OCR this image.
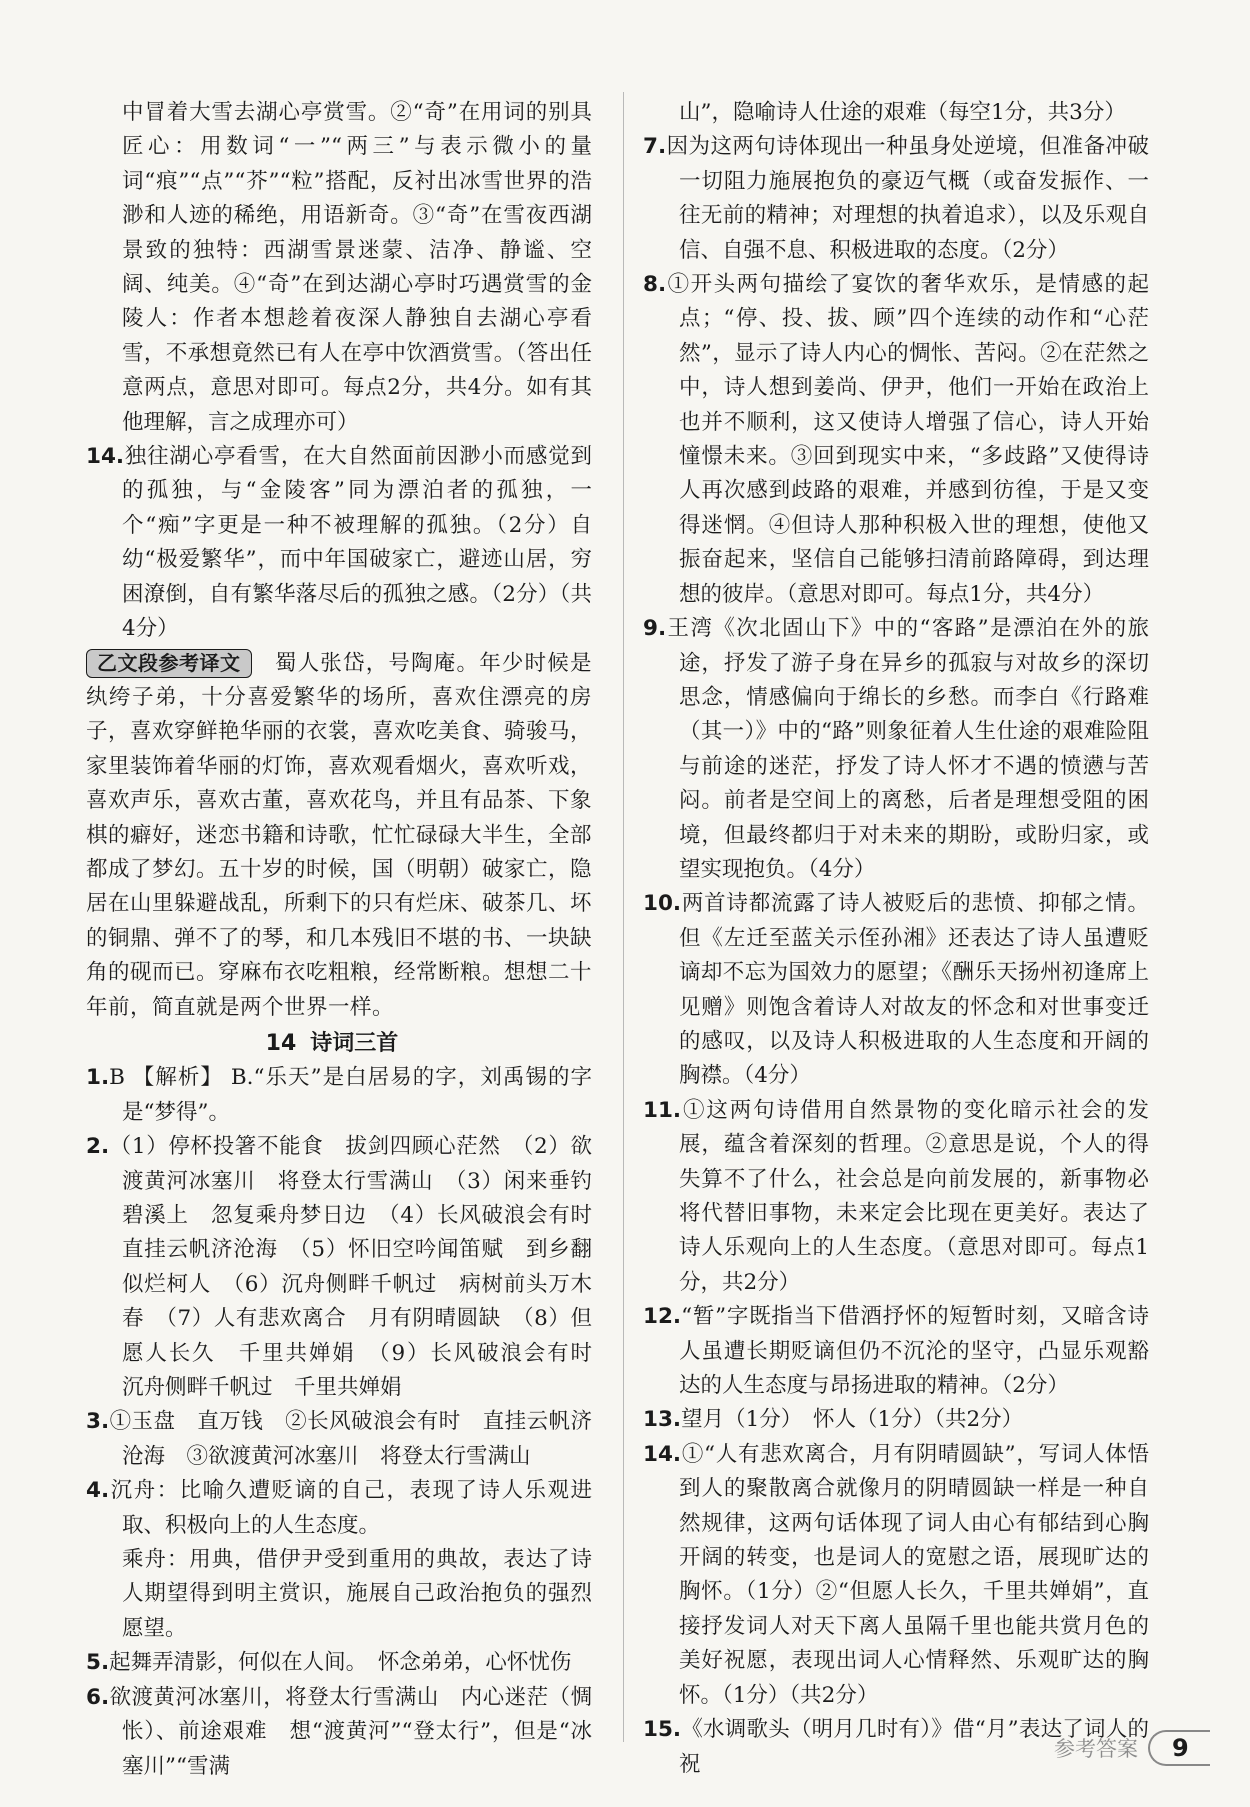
中冒着大雪去湖心亭赏雪。②“奇”在用词的别具匠心：用数词“一”“两三”与表示微小的量词“痕”“点”“芥”“粒”搭配，反衬出冰雪世界的浩渺和人迹的稀绝，用语新奇。③“奇”在雪夜西湖景致的独特：西湖雪景迷蒙、洁净、静谧、空阔、纯美。④“奇”在到达湖心亭时巧遇赏雪的金陵人：作者本想趁着夜深人静独自去湖心亭看雪，不承想竟然已有人在亭中饮酒赏雪。（答出任意两点，意思对即可。每点2分，共4分。如有其他理解，言之成理亦可）

14.独往湖心亭看雪，在大自然面前因渺小而感觉到的孤独，与“金陵客”同为漂泊者的孤独，一个“痴”字更是一种不被理解的孤独。（2分）自幼“极爱繁华”，而中年国破家亡，避迹山居，穷困潦倒，自有繁华落尽后的孤独之感。（2分）（共4分）

乙文段参考译文　 蜀人张岱，号陶庵。年少时候是纨绔子弟，十分喜爱繁华的场所，喜欢住漂亮的房子，喜欢穿鲜艳华丽的衣裳，喜欢吃美食、骑骏马，家里装饰着华丽的灯饰，喜欢观看烟火，喜欢听戏，喜欢声乐，喜欢古董，喜欢花鸟，并且有品茶、下象棋的癖好，迷恋书籍和诗歌，忙忙碌碌大半生，全部都成了梦幻。五十岁的时候，国（明朝）破家亡，隐居在山里躲避战乱，所剩下的只有烂床、破茶几、坏的铜鼎、弹不了的琴，和几本残旧不堪的书、一块缺角的砚而已。穿麻布衣吃粗粮，经常断粮。想想二十年前，简直就是两个世界一样。

14 诗词三首

1.B 【解析】 B.“乐天”是白居易的字，刘禹锡的字是“梦得”。

2.（1）停杯投箸不能食　拔剑四顾心茫然　（2）欲渡黄河冰塞川　将登太行雪满山　（3）闲来垂钓碧溪上　忽复乘舟梦日边　（4）长风破浪会有时　直挂云帆济沧海　（5）怀旧空吟闻笛赋　到乡翻似烂柯人　（6）沉舟侧畔千帆过　病树前头万木春　（7）人有悲欢离合　月有阴晴圆缺　（8）但愿人长久　千里共婵娟　（9）长风破浪会有时　沉舟侧畔千帆过　千里共婵娟

3.①玉盘　直万钱　②长风破浪会有时　直挂云帆济沧海　③欲渡黄河冰塞川　将登太行雪满山

4.沉舟：比喻久遭贬谪的自己，表现了诗人乐观进取、积极向上的人生态度。

乘舟：用典，借伊尹受到重用的典故，表达了诗人期望得到明主赏识，施展自己政治抱负的强烈愿望。

5.起舞弄清影，何似在人间。　怀念弟弟，心怀忧伤

6.欲渡黄河冰塞川，将登太行雪满山　内心迷茫（惆怅）、前途艰难　想“渡黄河”“登太行”，但是“冰塞川”“雪满

山”，隐喻诗人仕途的艰难（每空1分，共3分）

7.因为这两句诗体现出一种虽身处逆境，但准备冲破一切阻力施展抱负的豪迈气概（或奋发振作、一往无前的精神；对理想的执着追求），以及乐观自信、自强不息、积极进取的态度。（2分）

8.①开头两句描绘了宴饮的奢华欢乐，是情感的起点；“停、投、拔、顾”四个连续的动作和“心茫然”，显示了诗人内心的惆怅、苦闷。②在茫然之中，诗人想到姜尚、伊尹，他们一开始在政治上也并不顺利，这又使诗人增强了信心，诗人开始憧憬未来。③回到现实中来，“多歧路”又使得诗人再次感到歧路的艰难，并感到彷徨，于是又变得迷惘。④但诗人那种积极入世的理想，使他又振奋起来，坚信自己能够扫清前路障碍，到达理想的彼岸。（意思对即可。每点1分，共4分）

9.王湾《次北固山下》中的“客路”是漂泊在外的旅途，抒发了游子身在异乡的孤寂与对故乡的深切思念，情感偏向于绵长的乡愁。而李白《行路难（其一）》中的“路”则象征着人生仕途的艰难险阻与前途的迷茫，抒发了诗人怀才不遇的愤懑与苦闷。前者是空间上的离愁，后者是理想受阻的困境，但最终都归于对未来的期盼，或盼归家，或望实现抱负。（4分）

10.两首诗都流露了诗人被贬后的悲愤、抑郁之情。但《左迁至蓝关示侄孙湘》还表达了诗人虽遭贬谪却不忘为国效力的愿望；《酬乐天扬州初逢席上见赠》则饱含着诗人对故友的怀念和对世事变迁的感叹，以及诗人积极进取的人生态度和开阔的胸襟。（4分）

11.①这两句诗借用自然景物的变化暗示社会的发展，蕴含着深刻的哲理。②意思是说，个人的得失算不了什么，社会总是向前发展的，新事物必将代替旧事物，未来定会比现在更美好。表达了诗人乐观向上的人生态度。（意思对即可。每点1分，共2分）

12.“暂”字既指当下借酒抒怀的短暂时刻，又暗含诗人虽遭长期贬谪但仍不沉沦的坚守，凸显乐观豁达的人生态度与昂扬进取的精神。（2分）

13.望月（1分）　怀人（1分）（共2分）

14.①“人有悲欢离合，月有阴晴圆缺”，写词人体悟到人的聚散离合就像月的阴晴圆缺一样是一种自然规律，这两句话体现了词人由心有郁结到心胸开阔的转变，也是词人的宽慰之语，展现旷达的胸怀。（1分）②“但愿人长久，千里共婵娟”，直接抒发词人对天下离人虽隔千里也能共赏月色的美好祝愿，表现出词人心情释然、乐观旷达的胸怀。（1分）（共2分）

15.《水调歌头（明月几时有）》借“月”表达了词人的祝

参考答案	9
